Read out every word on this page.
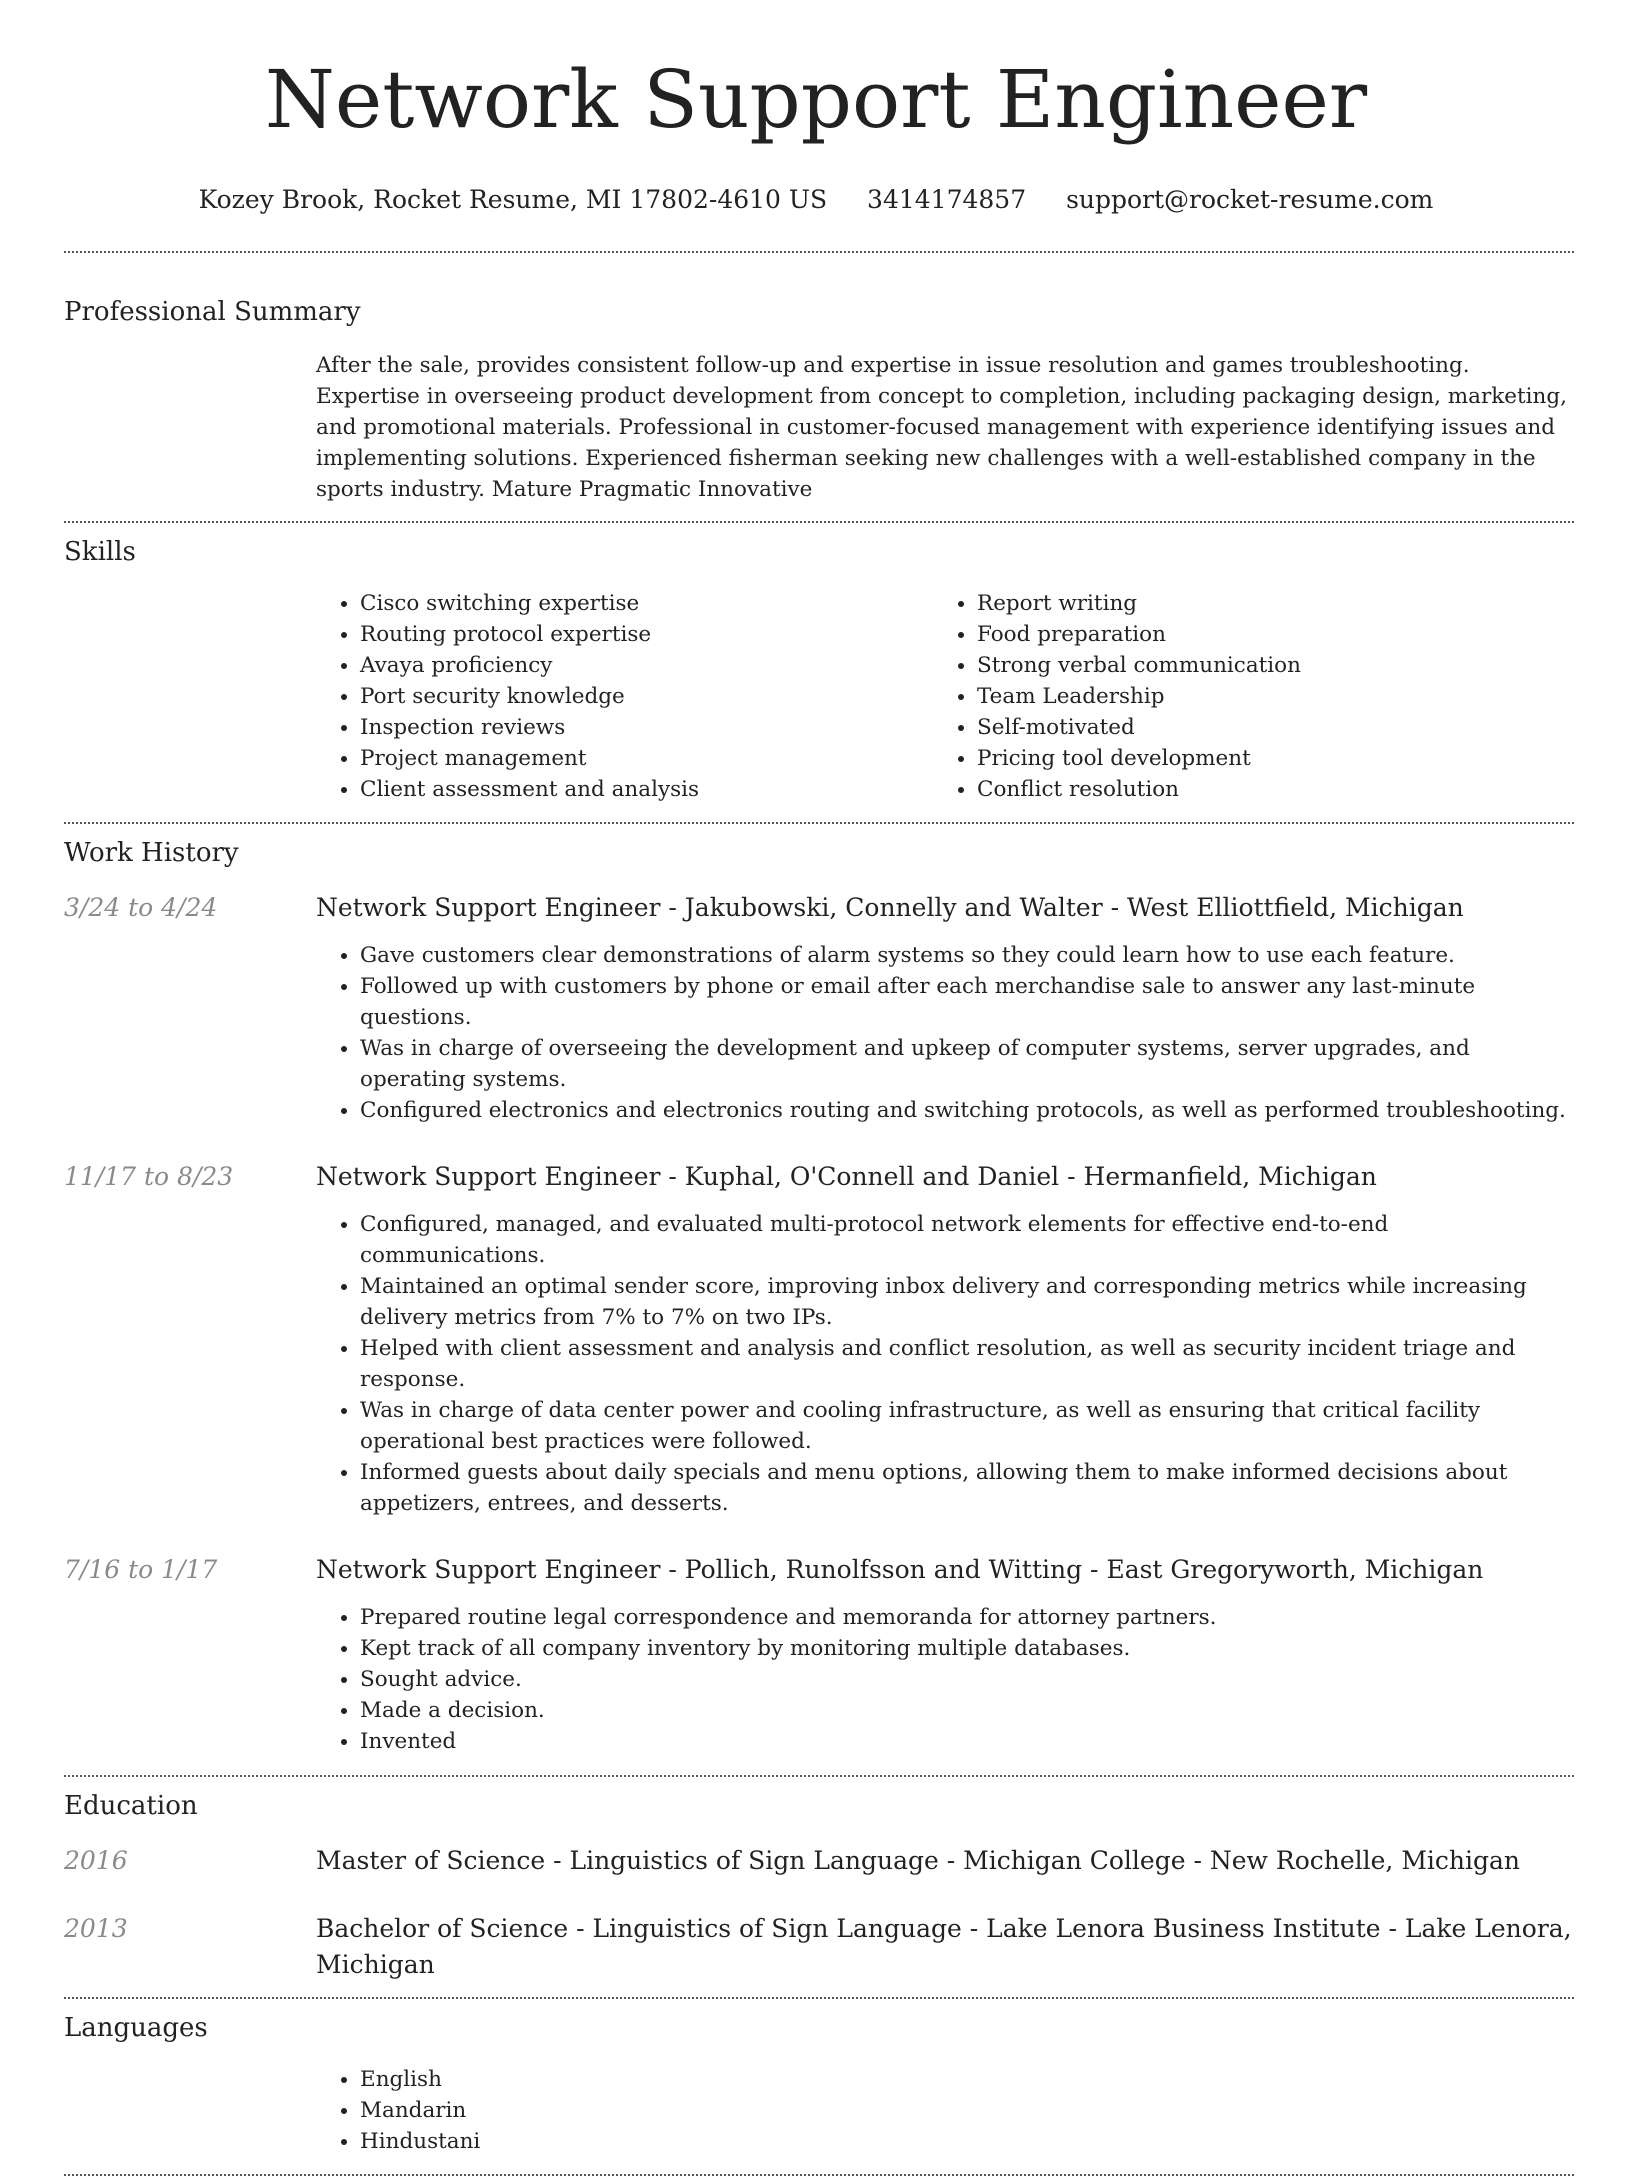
Network Support Engineer
Kozey Brook, Rocket Resume, MI 17802-4610 US 3414174857 support@rocket-resume.com
Professional Summary
After the sale, provides consistent follow-up and expertise in issue resolution and games troubleshooting. Expertise in overseeing product development from concept to completion, including packaging design, marketing, and promotional materials. Professional in customer-focused management with experience identifying issues and implementing solutions. Experienced fisherman seeking new challenges with a well-established company in the sports industry. Mature Pragmatic Innovative
Skills
• Cisco switching expertise
• Routing protocol expertise
• Avaya proficiency
• Port security knowledge
• Inspection reviews
• Project management
• Client assessment and analysis
• Report writing
• Food preparation
• Strong verbal communication
• Team Leadership
• Self-motivated
• Pricing tool development
• Conflict resolution
Work History
3/24 to 4/24	Network Support Engineer - Jakubowski, Connelly and Walter - West Elliottfield, Michigan
• Gave customers clear demonstrations of alarm systems so they could learn how to use each feature.
• Followed up with customers by phone or email after each merchandise sale to answer any last-minute questions.
• Was in charge of overseeing the development and upkeep of computer systems, server upgrades, and operating systems.
• Configured electronics and electronics routing and switching protocols, as well as performed troubleshooting.
11/17 to 8/23	Network Support Engineer - Kuphal, O'Connell and Daniel - Hermanfield, Michigan
• Configured, managed, and evaluated multi-protocol network elements for effective end-to-end communications.
• Maintained an optimal sender score, improving inbox delivery and corresponding metrics while increasing delivery metrics from 7% to 7% on two IPs.
• Helped with client assessment and analysis and conflict resolution, as well as security incident triage and response.
• Was in charge of data center power and cooling infrastructure, as well as ensuring that critical facility operational best practices were followed.
• Informed guests about daily specials and menu options, allowing them to make informed decisions about appetizers, entrees, and desserts.
7/16 to 1/17	Network Support Engineer - Pollich, Runolfsson and Witting - East Gregoryworth, Michigan
• Prepared routine legal correspondence and memoranda for attorney partners.
• Kept track of all company inventory by monitoring multiple databases.
• Sought advice.
• Made a decision.
• Invented
Education
2016	Master of Science - Linguistics of Sign Language - Michigan College - New Rochelle, Michigan
2013	Bachelor of Science - Linguistics of Sign Language - Lake Lenora Business Institute - Lake Lenora, Michigan
Languages
• English
• Mandarin
• Hindustani
